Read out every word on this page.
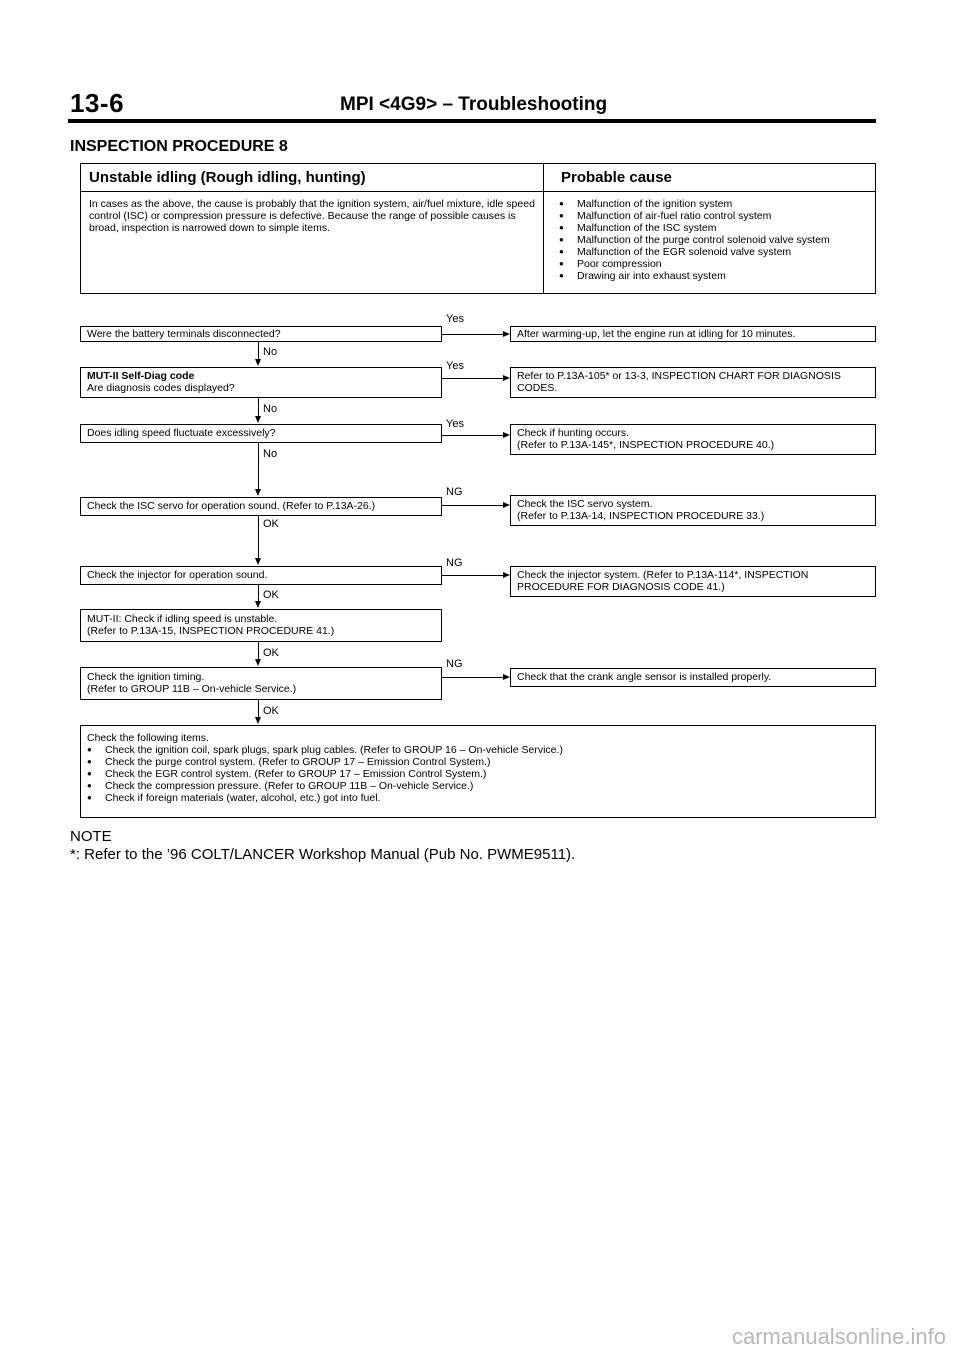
13-6	MPI <4G9> – Troubleshooting
INSPECTION PROCEDURE 8
Unstable idling (Rough idling, hunting)	Probable cause
In cases as the above, the cause is probably that the ignition system, air/fuel mixture, idle speed control (ISC) or compression pressure is defective. Because the range of possible causes is broad, inspection is narrowed down to simple items.
● Malfunction of the ignition system
● Malfunction of air-fuel ratio control system
● Malfunction of the ISC system
● Malfunction of the purge control solenoid valve system
● Malfunction of the EGR solenoid valve system
● Poor compression
● Drawing air into exhaust system
Were the battery terminals disconnected?
Yes
After warming-up, let the engine run at idling for 10 minutes.
No
MUT-II Self-Diag code
Are diagnosis codes displayed?
Yes
Refer to P.13A-105* or 13-3, INSPECTION CHART FOR DIAGNOSIS CODES.
No
Does idling speed fluctuate excessively?
Yes
Check if hunting occurs.
(Refer to P.13A-145*, INSPECTION PROCEDURE 40.)
No
Check the ISC servo for operation sound. (Refer to P.13A-26.)
NG
Check the ISC servo system.
(Refer to P.13A-14, INSPECTION PROCEDURE 33.)
OK
Check the injector for operation sound.
NG
Check the injector system. (Refer to P.13A-114*, INSPECTION PROCEDURE FOR DIAGNOSIS CODE 41.)
OK
MUT-II: Check if idling speed is unstable.
(Refer to P.13A-15, INSPECTION PROCEDURE 41.)
OK
Check the ignition timing.
(Refer to GROUP 11B – On-vehicle Service.)
NG
Check that the crank angle sensor is installed properly.
OK
Check the following items.
● Check the ignition coil, spark plugs, spark plug cables. (Refer to GROUP 16 – On-vehicle Service.)
● Check the purge control system. (Refer to GROUP 17 – Emission Control System.)
● Check the EGR control system. (Refer to GROUP 17 – Emission Control System.)
● Check the compression pressure. (Refer to GROUP 11B – On-vehicle Service.)
● Check if foreign materials (water, alcohol, etc.) got into fuel.
NOTE
*: Refer to the ’96 COLT/LANCER Workshop Manual (Pub No. PWME9511).
carmanualsonline.info
